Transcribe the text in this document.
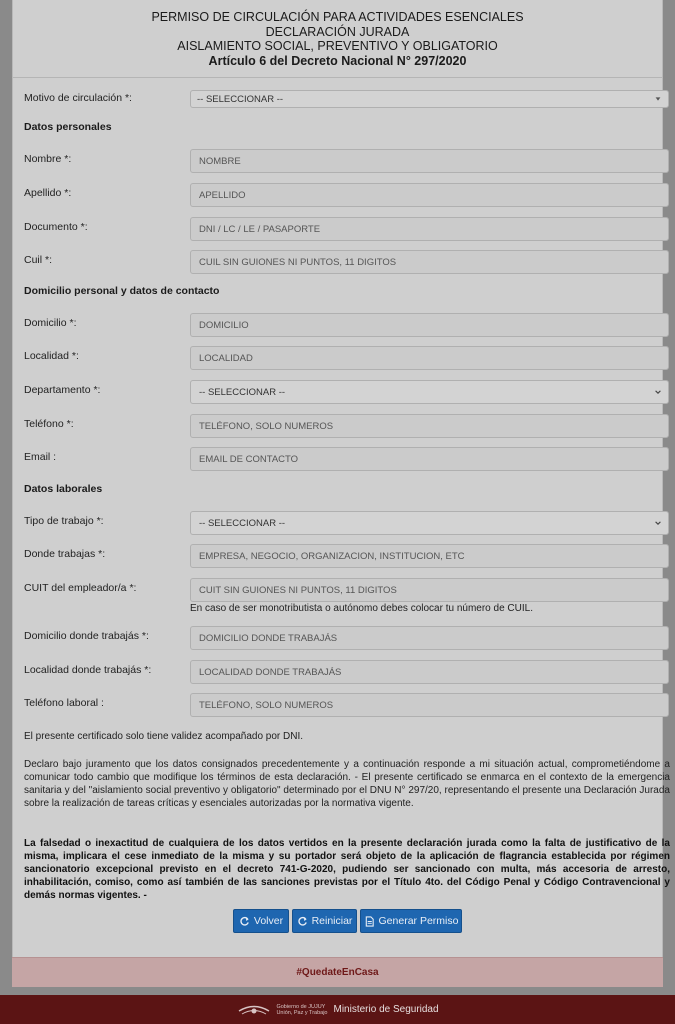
PERMISO DE CIRCULACIÓN PARA ACTIVIDADES ESENCIALES
DECLARACIÓN JURADA
AISLAMIENTO SOCIAL, PREVENTIVO Y OBLIGATORIO
Artículo 6 del Decreto Nacional N° 297/2020
Motivo de circulación *:	-- SELECCIONAR --
Datos personales
Nombre *:	NOMBRE
Apellido *:	APELLIDO
Documento *:	DNI / LC / LE / PASAPORTE
Cuil *:	CUIL SIN GUIONES NI PUNTOS, 11 DIGITOS
Domicilio personal y datos de contacto
Domicilio *:	DOMICILIO
Localidad *:	LOCALIDAD
Departamento *:	-- SELECCIONAR --
Teléfono *:	TELÉFONO, SOLO NUMEROS
Email :	EMAIL DE CONTACTO
Datos laborales
Tipo de trabajo *:	-- SELECCIONAR --
Donde trabajas *:	EMPRESA, NEGOCIO, ORGANIZACION, INSTITUCION, ETC
CUIT del empleador/a *:	CUIT SIN GUIONES NI PUNTOS, 11 DIGITOS
En caso de ser monotributista o autónomo debes colocar tu número de CUIL.
Domicilio donde trabajás *:	DOMICILIO DONDE TRABAJÁS
Localidad donde trabajás *:	LOCALIDAD DONDE TRABAJÁS
Teléfono laboral :	TELÉFONO, SOLO NUMEROS
El presente certificado solo tiene validez acompañado por DNI.
Declaro bajo juramento que los datos consignados precedentemente y a continuación responde a mi situación actual, comprometiéndome a comunicar todo cambio que modifique los términos de esta declaración. - El presente certificado se enmarca en el contexto de la emergencia sanitaria y del "aislamiento social preventivo y obligatorio" determinado por el DNU N° 297/20, representando el presente una Declaración Jurada sobre la realización de tareas críticas y esenciales autorizadas por la normativa vigente.
La falsedad o inexactitud de cualquiera de los datos vertidos en la presente declaración jurada como la falta de justificativo de la misma, implicara el cese inmediato de la misma y su portador será objeto de la aplicación de flagrancia establecida por régimen sancionatorio excepcional previsto en el decreto 741-G-2020, pudiendo ser sancionado con multa, más accesoria de arresto, inhabilitación, comiso, como así también de las sanciones previstas por el Título 4to. del Código Penal y Código Contravencional y demás normas vigentes. -
Volver	Reiniciar Generar Permiso
#QuedateEnCasa
Gobierno de JUJUY
Unión, Paz y Trabajo Ministerio de Seguridad
